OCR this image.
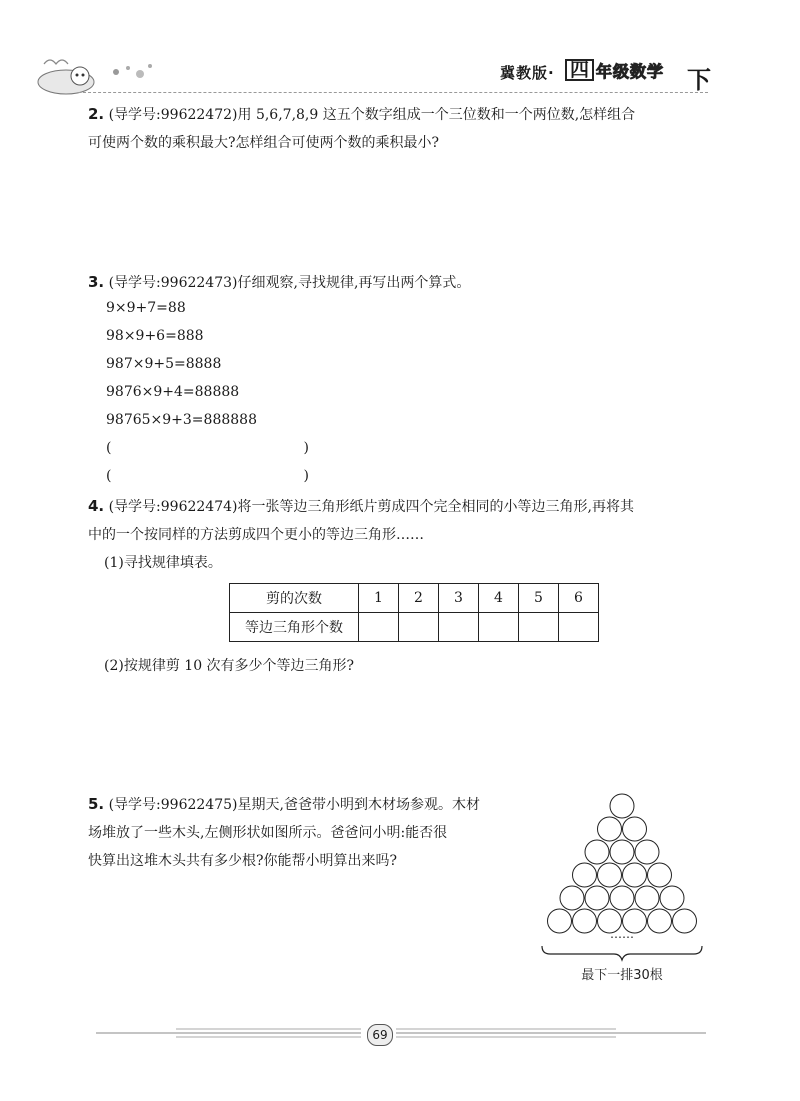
冀教版· 四 年级数学 下
2. (导学号:99622472)用 5,6,7,8,9 这五个数字组成一个三位数和一个两位数,怎样组合
可使两个数的乘积最大?怎样组合可使两个数的乘积最小?
3. (导学号:99622473)仔细观察,寻找规律,再写出两个算式。
9×9+7=88
98×9+6=888
987×9+5=8888
9876×9+4=88888
98765×9+3=888888
(	)
(	)
4. (导学号:99622474)将一张等边三角形纸片剪成四个完全相同的小等边三角形,再将其
中的一个按同样的方法剪成四个更小的等边三角形……
(1)寻找规律填表。
剪的次数	1	2	3	4	5	6
等边三角形个数						
(2)按规律剪 10 次有多少个等边三角形?
5. (导学号:99622475)星期天,爸爸带小明到木材场参观。木材
场堆放了一些木头,左侧形状如图所示。爸爸问小明:能否很
快算出这堆木头共有多少根?你能帮小明算出来吗?
……
最下一排30根
69
